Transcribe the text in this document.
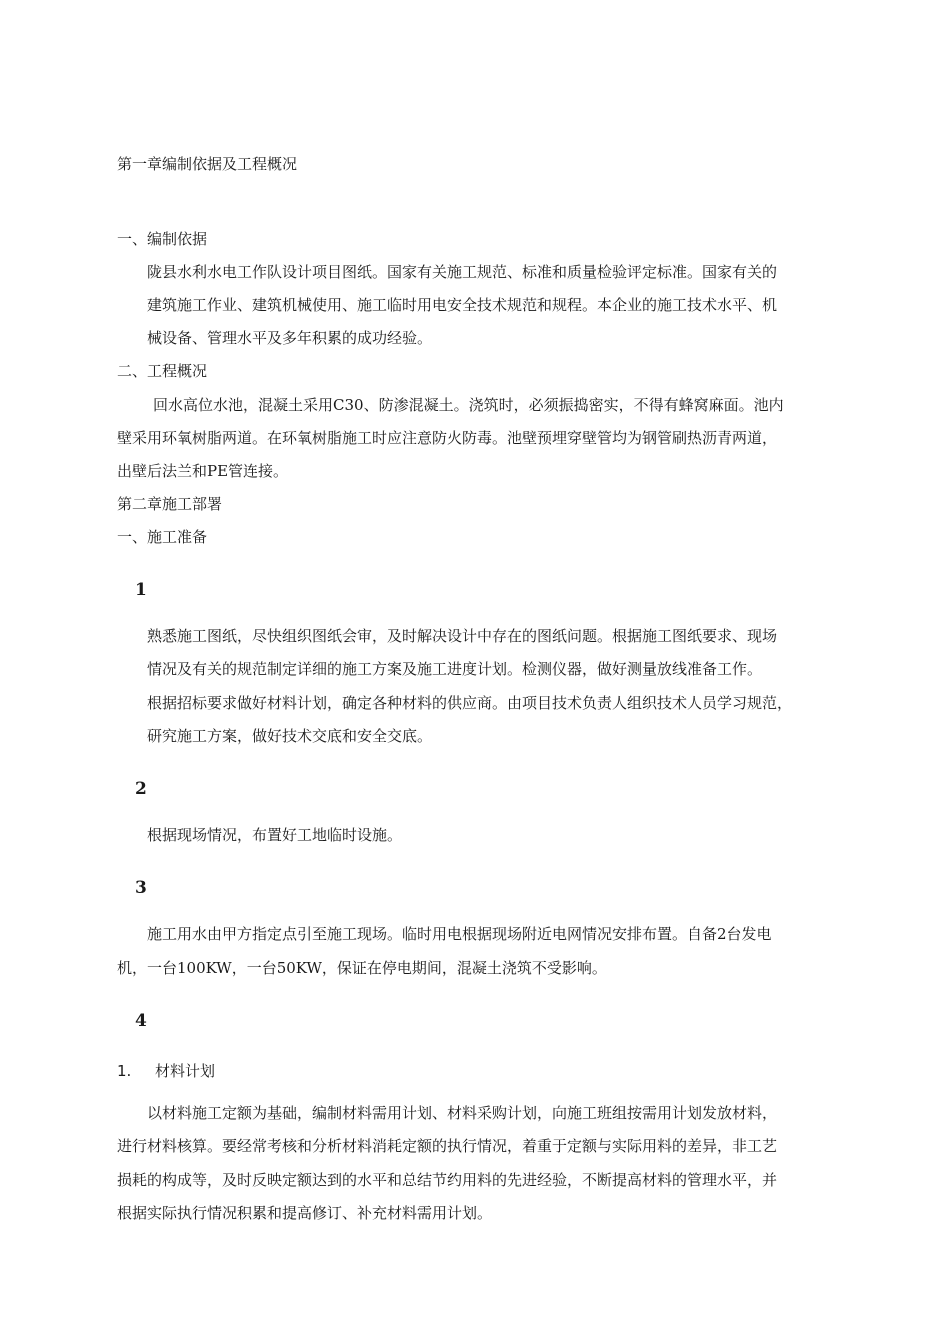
第一章编制依据及工程概况
一、编制依据
陇县水利水电工作队设计项目图纸。国家有关施工规范、标准和质量检验评定标准。国家有关的
建筑施工作业、建筑机械使用、施工临时用电安全技术规范和规程。本企业的施工技术水平、机
械设备、管理水平及多年积累的成功经验。
二、工程概况
回水高位水池，混凝土采用C30、防渗混凝土。浇筑时，必须振捣密实，不得有蜂窝麻面。池内
壁采用环氧树脂两道。在环氧树脂施工时应注意防火防毒。池壁预埋穿壁管均为钢管刷热沥青两道，
出壁后法兰和PE管连接。
第二章施工部署
一、施工准备
1
熟悉施工图纸，尽快组织图纸会审，及时解决设计中存在的图纸问题。根据施工图纸要求、现场
情况及有关的规范制定详细的施工方案及施工进度计划。检测仪器，做好测量放线准备工作。
根据招标要求做好材料计划，确定各种材料的供应商。由项目技术负责人组织技术人员学习规范，
研究施工方案，做好技术交底和安全交底。
2
根据现场情况，布置好工地临时设施。
3
施工用水由甲方指定点引至施工现场。临时用电根据现场附近电网情况安排布置。自备2台发电
机，一台100KW，一台50KW，保证在停电期间，混凝土浇筑不受影响。
4
1. 材料计划
以材料施工定额为基础，编制材料需用计划、材料采购计划，向施工班组按需用计划发放材料，
进行材料核算。要经常考核和分析材料消耗定额的执行情况，着重于定额与实际用料的差异，非工艺
损耗的构成等，及时反映定额达到的水平和总结节约用料的先进经验，不断提高材料的管理水平，并
根据实际执行情况积累和提高修订、补充材料需用计划。
